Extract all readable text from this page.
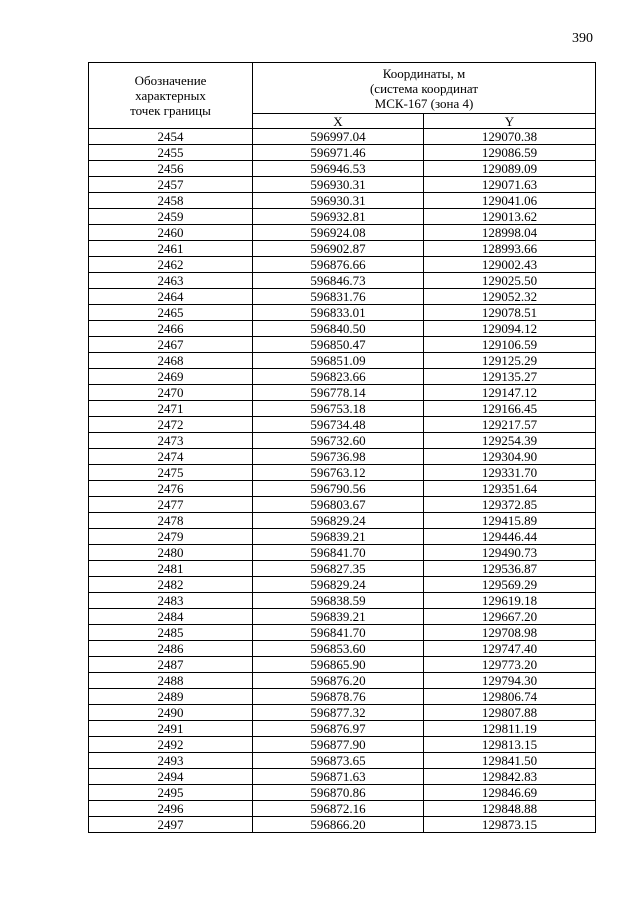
390
Обозначение
характерных
точек границы	Координаты, м
(система координат
МСК-167 (зона 4)	

	X	Y
2454	596997.04	129070.38
2455	596971.46	129086.59
2456	596946.53	129089.09
2457	596930.31	129071.63
2458	596930.31	129041.06
2459	596932.81	129013.62
2460	596924.08	128998.04
2461	596902.87	128993.66
2462	596876.66	129002.43
2463	596846.73	129025.50
2464	596831.76	129052.32
2465	596833.01	129078.51
2466	596840.50	129094.12
2467	596850.47	129106.59
2468	596851.09	129125.29
2469	596823.66	129135.27
2470	596778.14	129147.12
2471	596753.18	129166.45
2472	596734.48	129217.57
2473	596732.60	129254.39
2474	596736.98	129304.90
2475	596763.12	129331.70
2476	596790.56	129351.64
2477	596803.67	129372.85
2478	596829.24	129415.89
2479	596839.21	129446.44
2480	596841.70	129490.73
2481	596827.35	129536.87
2482	596829.24	129569.29
2483	596838.59	129619.18
2484	596839.21	129667.20
2485	596841.70	129708.98
2486	596853.60	129747.40
2487	596865.90	129773.20
2488	596876.20	129794.30
2489	596878.76	129806.74
2490	596877.32	129807.88
2491	596876.97	129811.19
2492	596877.90	129813.15
2493	596873.65	129841.50
2494	596871.63	129842.83
2495	596870.86	129846.69
2496	596872.16	129848.88
2497	596866.20	129873.15
